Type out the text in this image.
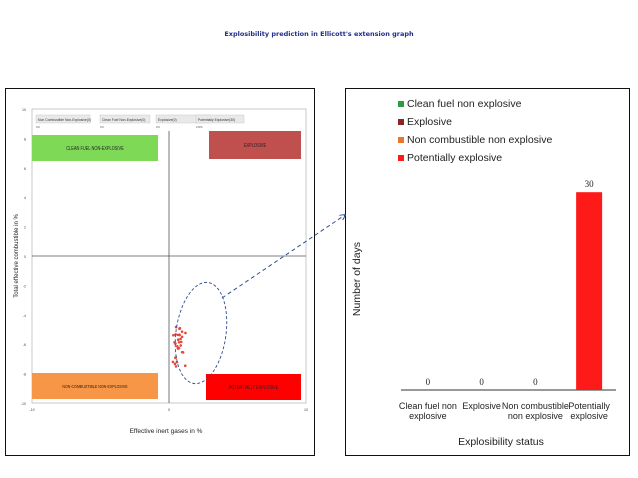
Explosibility prediction in Ellicott's extension graph
Non Combustible Non-Explosive(0)
0%
Clean Fuel Non-Explosive(0)
0%
Explosive(0)
0%
Potentially Explosive(30)
100%
CLEAN FUEL NON-EXPLOSIVE
EXPLOSIVE
NON-COMBUSTIBLE NON-EXPLOSIVE	POTENTIALLY EXPLOSIVE
10
8
6
4
2
0
-2
-4
-6
-8
-10
-10	0	10
Total effective combustible in %
Effective inert gases in %
Clean fuel non explosive
Explosive
Non combustible non explosive
Potentially explosive
0	0	0
30
Clean fuel non explosive
Explosive Non combustible non explosive
Potentially explosive
Explosibility status
Number of days
